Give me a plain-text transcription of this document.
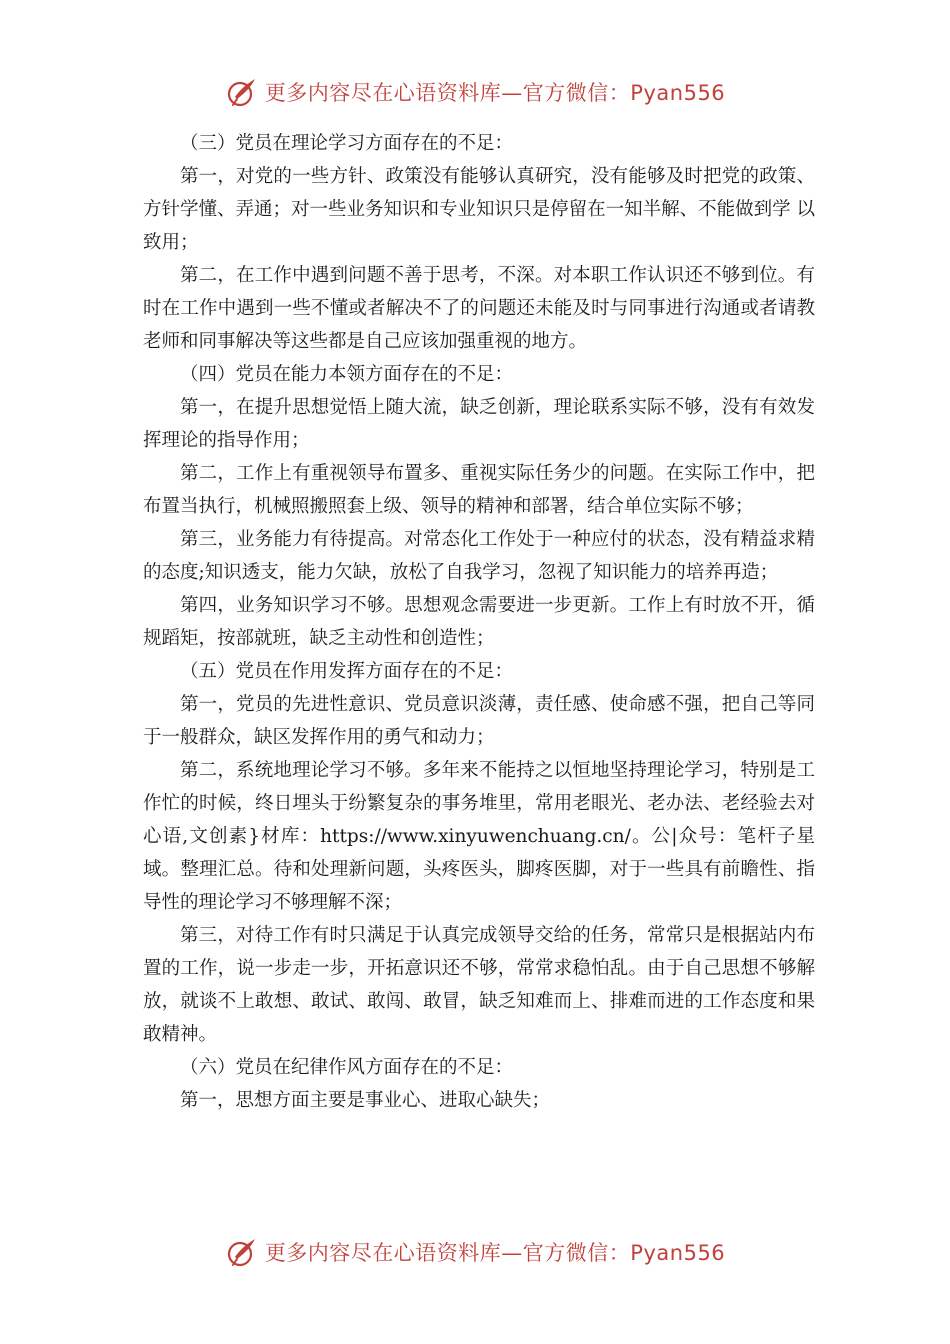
更多内容尽在心语资料库—官方微信：Pyan556

（三）党员在理论学习方面存在的不足：

第一，对党的一些方针、政策没有能够认真研究，没有能够及时把党的政策、方针学懂、弄通；对一些业务知识和专业知识只是停留在一知半解、不能做到学 以致用；

第二，在工作中遇到问题不善于思考，不深。对本职工作认识还不够到位。有时在工作中遇到一些不懂或者解决不了的问题还未能及时与同事进行沟通或者请教老师和同事解决等这些都是自己应该加强重视的地方。

（四）党员在能力本领方面存在的不足：

第一，在提升思想觉悟上随大流，缺乏创新，理论联系实际不够，没有有效发挥理论的指导作用；

第二，工作上有重视领导布置多、重视实际任务少的问题。在实际工作中，把布置当执行，机械照搬照套上级、领导的精神和部署，结合单位实际不够；

第三，业务能力有待提高。对常态化工作处于一种应付的状态，没有精益求精的态度;知识透支，能力欠缺，放松了自我学习，忽视了知识能力的培养再造；

第四，业务知识学习不够。思想观念需要进一步更新。工作上有时放不开，循规蹈矩，按部就班，缺乏主动性和创造性；

（五）党员在作用发挥方面存在的不足：

第一，党员的先进性意识、党员意识淡薄，责任感、使命感不强，把自己等同于一般群众，缺区发挥作用的勇气和动力；

第二，系统地理论学习不够。多年来不能持之以恒地坚持理论学习，特别是工作忙的时候，终日埋头于纷繁复杂的事务堆里，常用老眼光、老办法、老经验去对心语,文创素}材库：https://www.xinyuwenchuang.cn/。公|众号：笔杆子星域。整理汇总。待和处理新问题，头疼医头，脚疼医脚，对于一些具有前瞻性、指导性的理论学习不够理解不深；

第三，对待工作有时只满足于认真完成领导交给的任务，常常只是根据站内布置的工作，说一步走一步，开拓意识还不够，常常求稳怕乱。由于自己思想不够解放，就谈不上敢想、敢试、敢闯、敢冒，缺乏知难而上、排难而进的工作态度和果敢精神。

（六）党员在纪律作风方面存在的不足：

第一，思想方面主要是事业心、进取心缺失；

更多内容尽在心语资料库—官方微信：Pyan556
